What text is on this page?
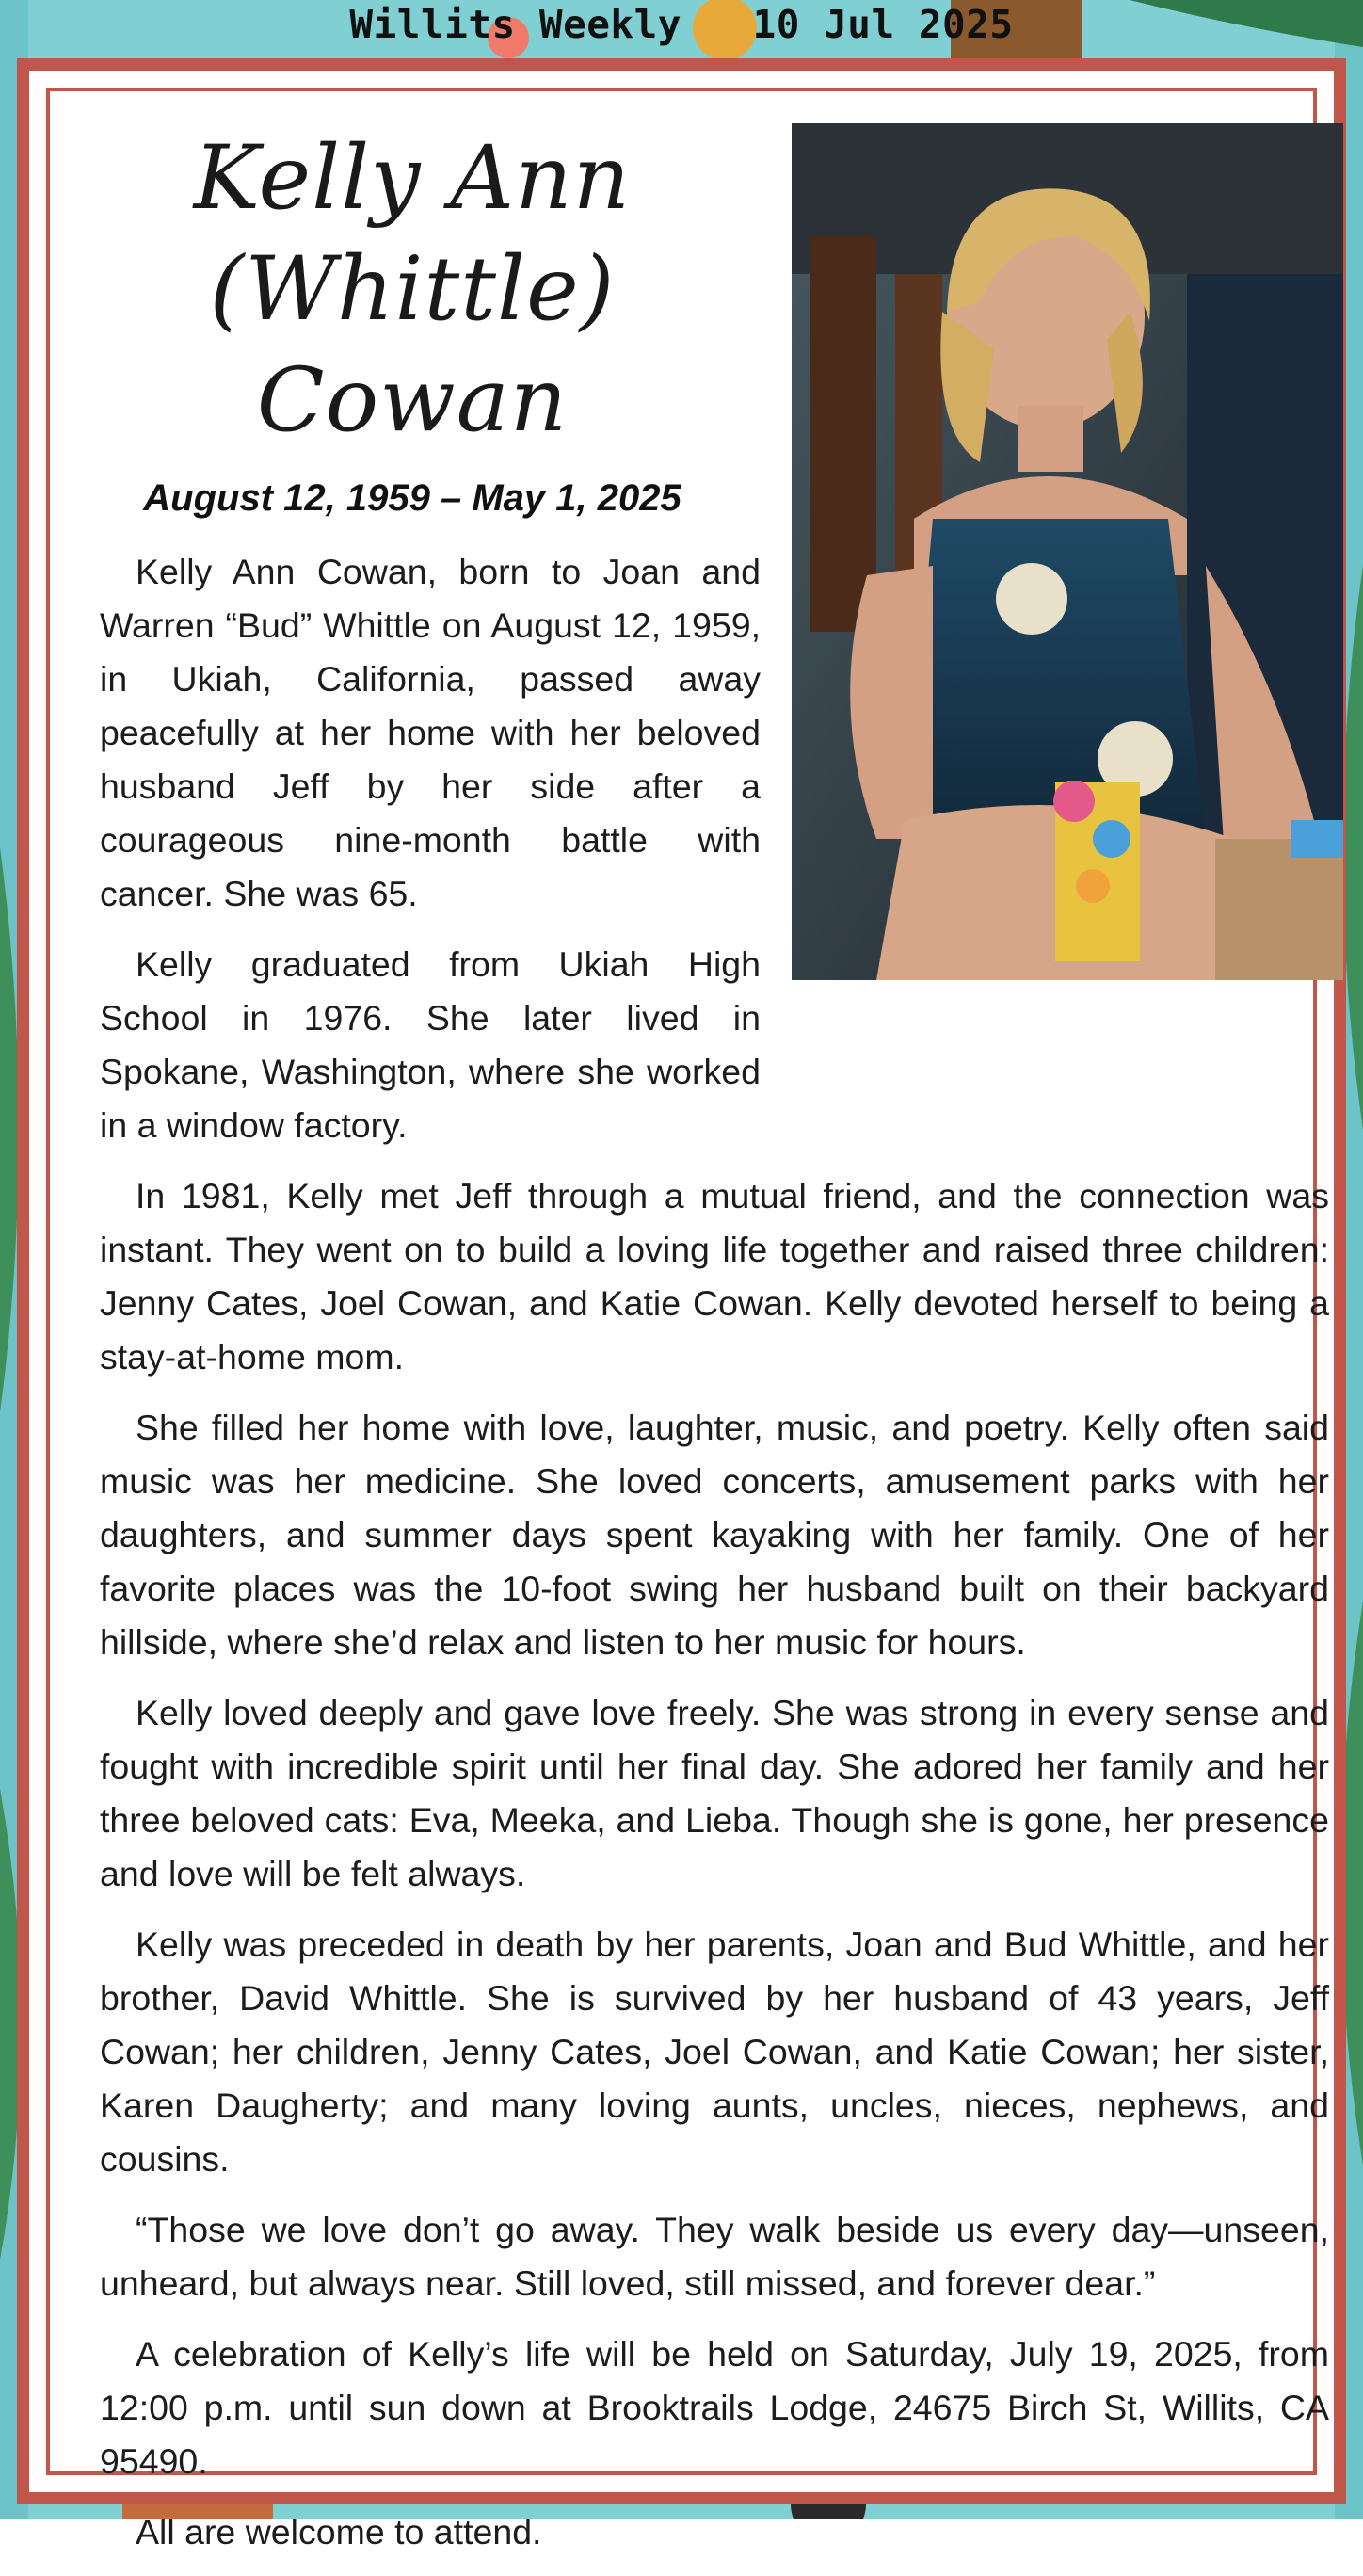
Willits Weekly 10 Jul 2025
Kelly Ann
(Whittle)
Cowan
August 12, 1959 – May 1, 2025

Kelly Ann Cowan, born to Joan and Warren “Bud” Whittle on August 12, 1959, in Ukiah, California, passed away peacefully at her home with her beloved husband Jeff by her side after a courageous nine-month battle with cancer. She was 65.

Kelly graduated from Ukiah High School in 1976. She later lived in Spokane, Washington, where she worked in a window factory.

In 1981, Kelly met Jeff through a mutual friend, and the connection was instant. They went on to build a loving life together and raised three children: Jenny Cates, Joel Cowan, and Katie Cowan. Kelly devoted herself to being a stay-at-home mom.

She filled her home with love, laughter, music, and poetry. Kelly often said music was her medicine. She loved concerts, amusement parks with her daughters, and summer days spent kayaking with her family. One of her favorite places was the 10-foot swing her husband built on their backyard hillside, where she’d relax and listen to her music for hours.

Kelly loved deeply and gave love freely. She was strong in every sense and fought with incredible spirit until her final day. She adored her family and her three beloved cats: Eva, Meeka, and Lieba. Though she is gone, her presence and love will be felt always.

Kelly was preceded in death by her parents, Joan and Bud Whittle, and her brother, David Whittle. She is survived by her husband of 43 years, Jeff Cowan; her children, Jenny Cates, Joel Cowan, and Katie Cowan; her sister, Karen Daugherty; and many loving aunts, uncles, nieces, nephews, and cousins.

“Those we love don’t go away. They walk beside us every day—unseen, unheard, but always near. Still loved, still missed, and forever dear.”

A celebration of Kelly’s life will be held on Saturday, July 19, 2025, from 12:00 p.m. until sun down at Brooktrails Lodge, 24675 Birch St, Willits, CA 95490.

All are welcome to attend.
